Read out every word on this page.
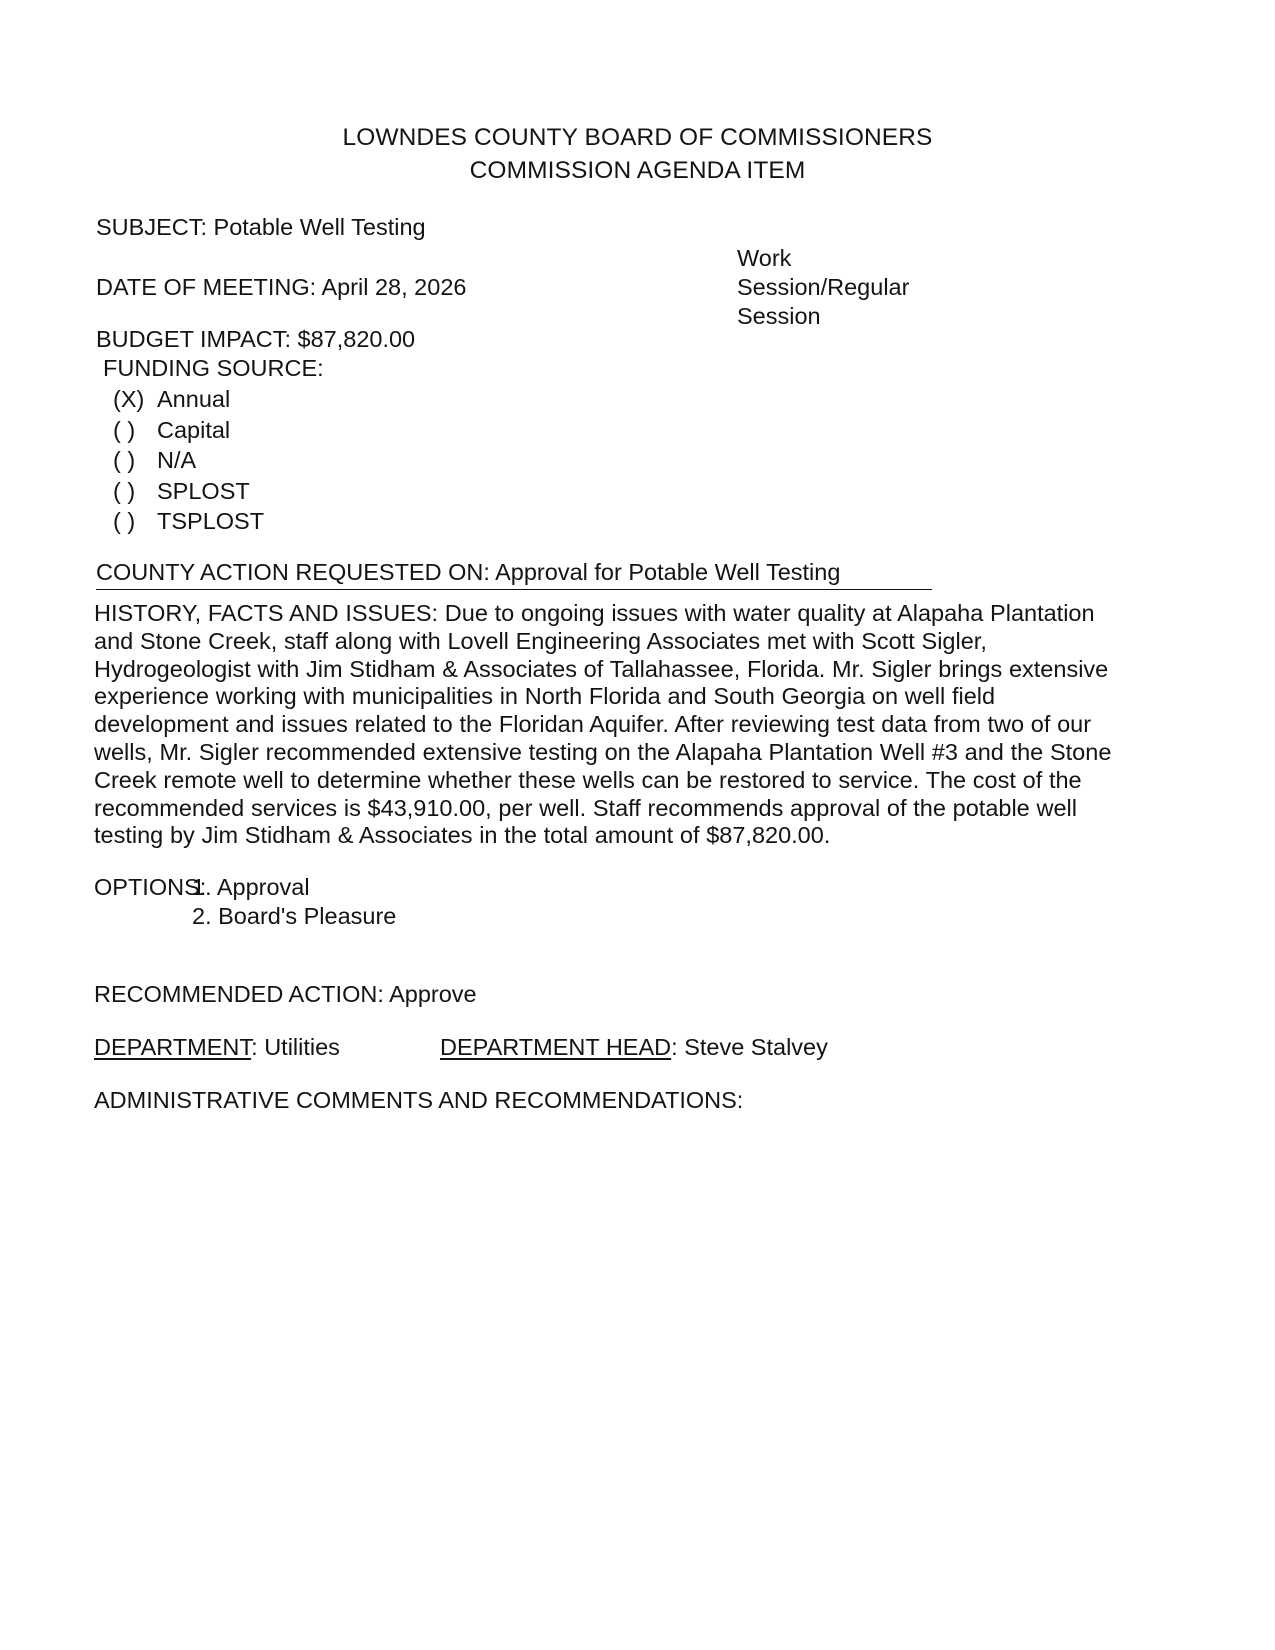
LOWNDES COUNTY BOARD OF COMMISSIONERS
COMMISSION AGENDA ITEM
SUBJECT: Potable Well Testing
DATE OF MEETING: April 28, 2026
Work
Session/Regular
Session
BUDGET IMPACT: $87,820.00
FUNDING SOURCE:
(X) Annual
( ) Capital
( ) N/A
( ) SPLOST
( ) TSPLOST
COUNTY ACTION REQUESTED ON: Approval for Potable Well Testing
HISTORY, FACTS AND ISSUES: Due to ongoing issues with water quality at Alapaha Plantation and Stone Creek, staff along with Lovell Engineering Associates met with Scott Sigler, Hydrogeologist with Jim Stidham & Associates of Tallahassee, Florida. Mr. Sigler brings extensive experience working with municipalities in North Florida and South Georgia on well field development and issues related to the Floridan Aquifer. After reviewing test data from two of our wells, Mr. Sigler recommended extensive testing on the Alapaha Plantation Well #3 and the Stone Creek remote well to determine whether these wells can be restored to service. The cost of the recommended services is $43,910.00, per well. Staff recommends approval of the potable well testing by Jim Stidham & Associates in the total amount of $87,820.00.
OPTIONS:
1. Approval
2. Board's Pleasure
RECOMMENDED ACTION: Approve

DEPARTMENT: Utilities

	DEPARTMENT HEAD: Steve Stalvey

ADMINISTRATIVE COMMENTS AND RECOMMENDATIONS:
